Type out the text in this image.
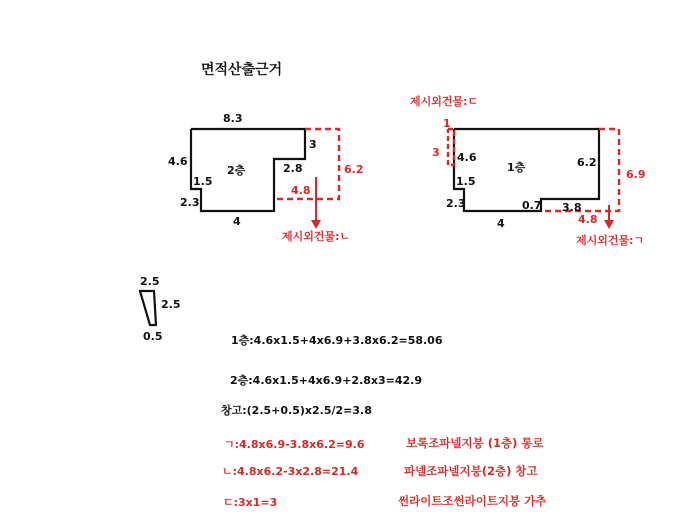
면적산출근거
8.3
4.6
1.5
2.3
4
2층	2.8
3
6.2
4.8
제시외건물:ㄴ
제시외건물:ㄷ
1
3 4.6
1.5
2.3
4
1층	6.2
0.7 3.8
6.9
4.8
제시외건물:ㄱ
2.5
2.5
0.5	1층:4.6x1.5+4x6.9+3.8x6.2=58.06
2층:4.6x1.5+4x6.9+2.8x3=42.9
창고:(2.5+0.5)x2.5/2=3.8
ㄱ:4.8x6.9-3.8x6.2=9.6
ㄴ:4.8x6.2-3x2.8=21.4
ㄷ:3x1=3
보록조파넬지붕 (1층) 통로
파넬조파넬지붕(2층) 창고
썬라이트조썬라이트지붕 가추
